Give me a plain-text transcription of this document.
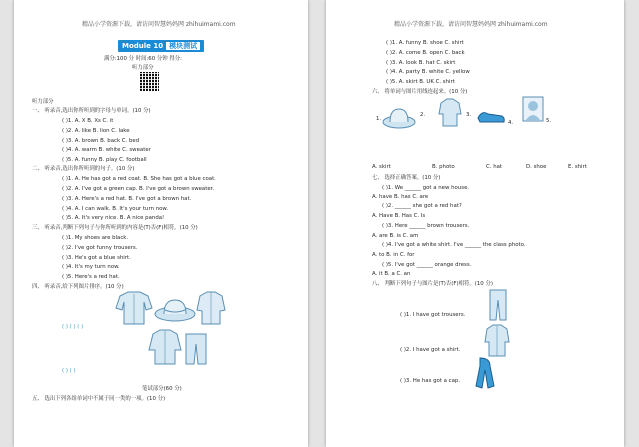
精品小学资源下载，请访问智慧妈妈网 zhihuimami.com
Module 10 模块测试
满分:100 分 时间:60 分钟 得分:
听力部分
听力部分
一、 听录音,选出你所听到的字母与单词。(10 分)
( )1. A. X B. Xs C. it
( )2. A. like B. lion C. lake
( )3. A. brown B. back C. bed
( )4. A. warm B. white C. sweater
( )5. A. funny B. play C. football
二、 听录音,选出你所听到的句子。(10 分)
( )1. A. He has got a red coat. B. She has got a blue coat.
( )2. A. I've got a green cap. B. I've got a brown sweater.
( )3. A. Here's a red hat. B. I've got a brown hat.
( )4. A. I can walk. B. It's your turn now.
( )5. A. It's very nice. B. A nice panda!
三、 听录音,判断下列句子与你所听到的内容是(T)否(F)相符。(10 分)
( )1. My shoes are black.
( )2. I've got funny trousers.
( )3. He's got a blue shirt.
( )4. It's my turn now.
( )5. Here's a red hat.
四、 听录音,给下列图片排序。(10 分)
( ) ( ) ( )
( ) ( )
笔试部分(60 分)
五、 选出下列各组单词中不属于同一类的一项。(10 分)
精品小学资源下载，请访问智慧妈妈网 zhihuimami.com
( )1. A. funny B. shoe C. shirt
( )2. A. come B. open C. back
( )3. A. look B. hat C. skirt
( )4. A. party B. white C. yellow
( )5. A. skirt B. UK C. shirt
六、 将单词与图片用线连起来。(10 分)
1.
2.	3.
4.	5.
A. skirt	B. photo	C. hat	D. shoe	E. shirt
七、 选择正确答案。(10 分)
( )1. We ______ got a new house.
A. have B. has C. are
( )2. ______ she got a red hat?
A. Have B. Has C. Is
( )3. Here ______ brown trousers.
A. are B. is C. am
( )4. I've got a white shirt. I've ______ the class photo.
A. to B. in C. for
( )5. I've got ______ orange dress.
A. it B. a C. an
八、 判断下列句子与图片是(T)否(F)相符。(10 分)
( )1. I have got trousers.
( )2. I have got a shirt.
( )3. He has got a cap.
